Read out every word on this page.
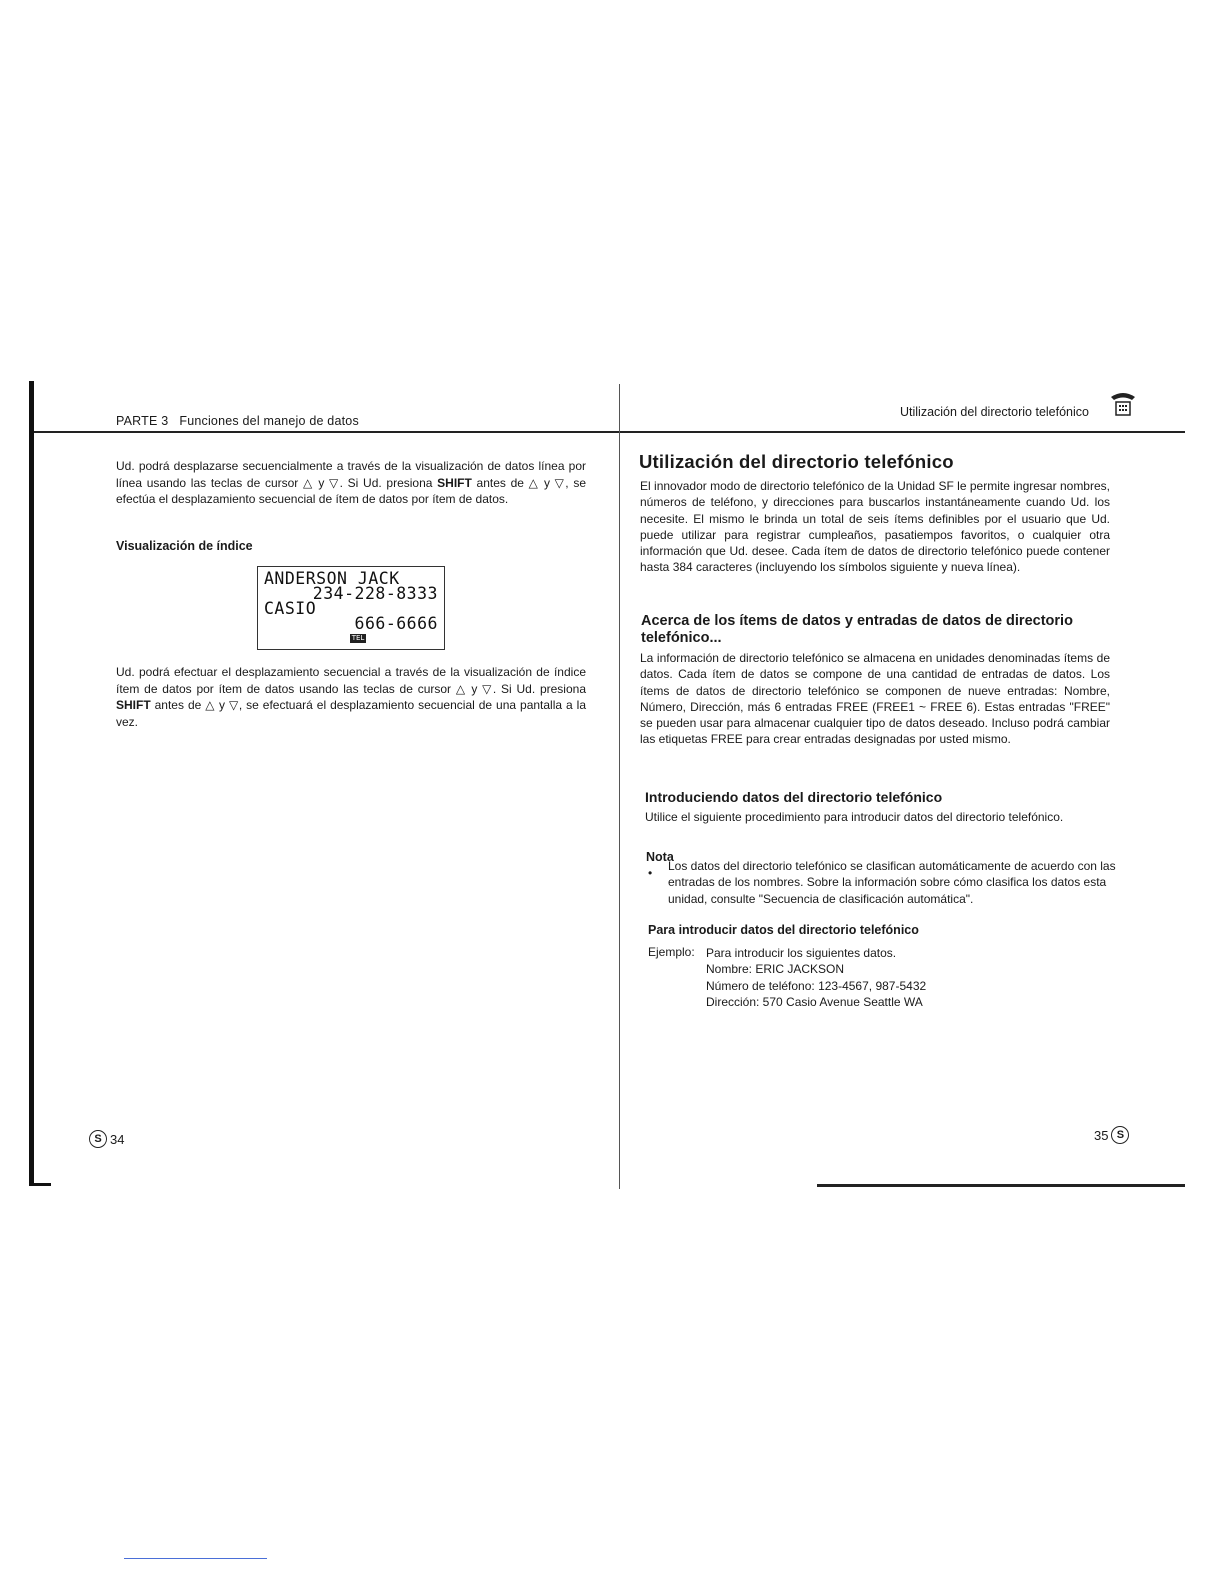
PARTE 3   Funciones del manejo de datos
Ud. podrá desplazarse secuencialmente a través de la visualización de datos línea por línea usando las teclas de cursor △ y ▽. Si Ud. presiona SHIFT antes de △ y ▽, se efectúa el desplazamiento secuencial de ítem de datos por ítem de datos.
Visualización de índice
ANDERSON JACK
234-228-8333
CASIO
666-6666
TEL
Ud. podrá efectuar el desplazamiento secuencial a través de la visualización de índice ítem de datos por ítem de datos usando las teclas de cursor △ y ▽. Si Ud. presiona SHIFT antes de △ y ▽, se efectuará el desplazamiento secuencial de una pantalla a la vez.
S 34
Utilización del directorio telefónico
Utilización del directorio telefónico
El innovador modo de directorio telefónico de la Unidad SF le permite ingresar nombres, números de teléfono, y direcciones para buscarlos instantáneamente cuando Ud. los necesite. El mismo le brinda un total de seis ítems definibles por el usuario que Ud. puede utilizar para registrar cumpleaños, pasatiempos favoritos, o cualquier otra información que Ud. desee. Cada ítem de datos de directorio telefónico puede contener hasta 384 caracteres (incluyendo los símbolos siguiente y nueva línea).
Acerca de los ítems de datos y entradas de datos de directorio telefónico...
La información de directorio telefónico se almacena en unidades denominadas ítems de datos. Cada ítem de datos se compone de una cantidad de entradas de datos. Los ítems de datos de directorio telefónico se componen de nueve entradas: Nombre, Número, Dirección, más 6 entradas FREE (FREE1 ~ FREE 6). Estas entradas "FREE" se pueden usar para almacenar cualquier tipo de datos deseado. Incluso podrá cambiar las etiquetas FREE para crear entradas designadas por usted mismo.
Introduciendo datos del directorio telefónico
Utilice el siguiente procedimiento para introducir datos del directorio telefónico.
Nota
• Los datos del directorio telefónico se clasifican automáticamente de acuerdo con las entradas de los nombres. Sobre la información sobre cómo clasifica los datos esta unidad, consulte "Secuencia de clasificación automática".
Para introducir datos del directorio telefónico
Ejemplo: Para introducir los siguientes datos.
Nombre: ERIC JACKSON
Número de teléfono: 123-4567, 987-5432
Dirección: 570 Casio Avenue Seattle WA
35 S
